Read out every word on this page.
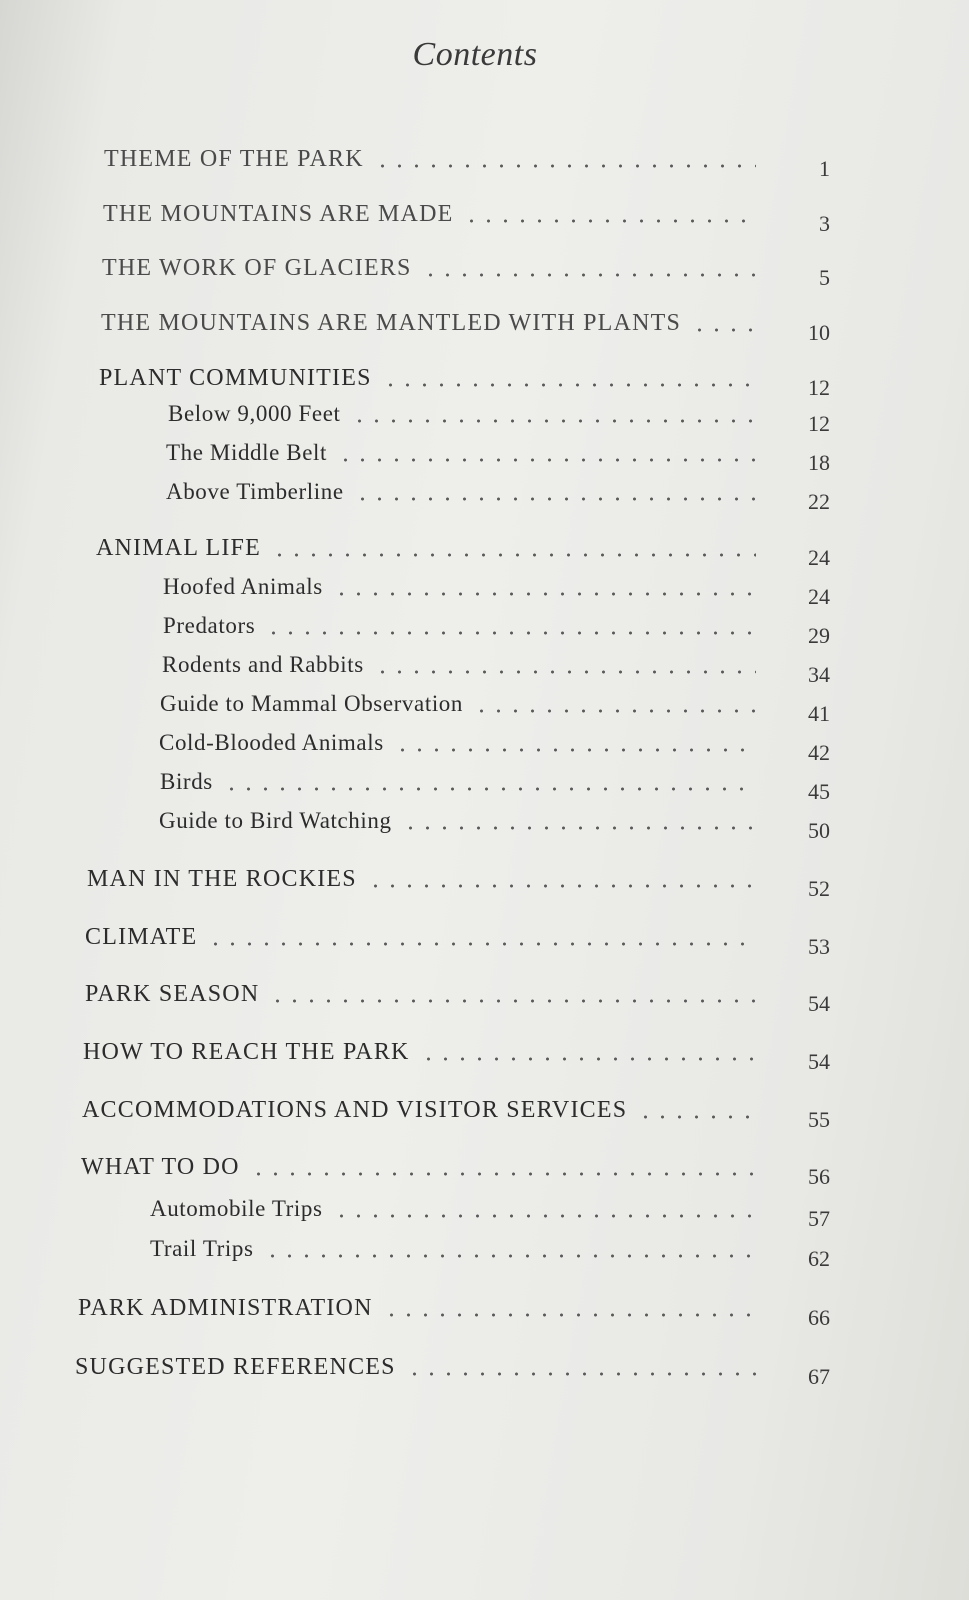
Contents
THEME OF THE PARK	1
THE MOUNTAINS ARE MADE	3
THE WORK OF GLACIERS	5
THE MOUNTAINS ARE MANTLED WITH PLANTS	10
PLANT COMMUNITIES	12
Below 9,000 Feet	12
The Middle Belt	18
Above Timberline	22
ANIMAL LIFE	24
Hoofed Animals	24
Predators	29
Rodents and Rabbits	34
Guide to Mammal Observation	41
Cold-Blooded Animals	42
Birds	45
Guide to Bird Watching	50
MAN IN THE ROCKIES	52
CLIMATE	53
PARK SEASON	54
HOW TO REACH THE PARK	54
ACCOMMODATIONS AND VISITOR SERVICES	55
WHAT TO DO	56
Automobile Trips	57
Trail Trips	62
PARK ADMINISTRATION	66
SUGGESTED REFERENCES	67
